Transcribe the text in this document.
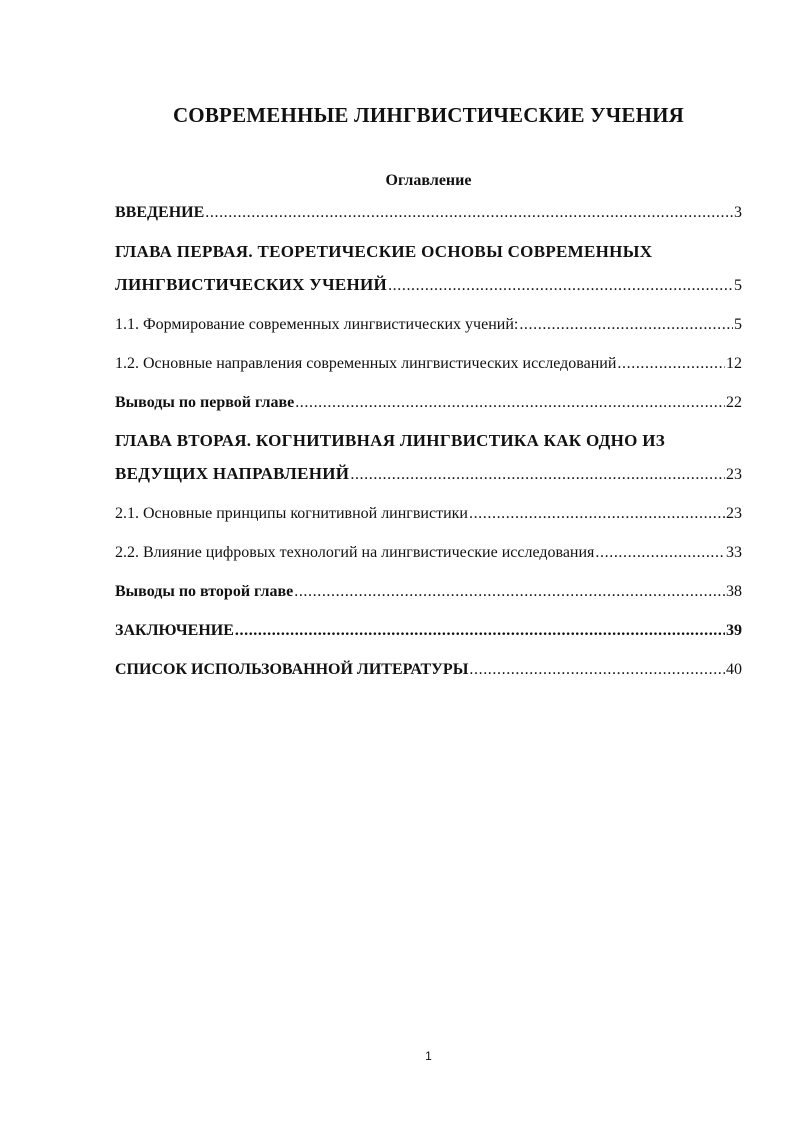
СОВРЕМЕННЫЕ ЛИНГВИСТИЧЕСКИЕ УЧЕНИЯ
Оглавление
ВВЕДЕНИЕ .....	3
ГЛАВА ПЕРВАЯ. ТЕОРЕТИЧЕСКИЕ ОСНОВЫ СОВРЕМЕННЫХ
ЛИНГВИСТИЧЕСКИХ УЧЕНИЙ .....	5
1.1. Формирование современных лингвистических учений: .....	5
1.2. Основные направления современных лингвистических исследований .....	12
Выводы по первой главе .....	22
ГЛАВА ВТОРАЯ. КОГНИТИВНАЯ ЛИНГВИСТИКА КАК ОДНО ИЗ
ВЕДУЩИХ НАПРАВЛЕНИЙ .....	23
2.1. Основные принципы когнитивной лингвистики .....	23
2.2. Влияние цифровых технологий на лингвистические исследования .....	33
Выводы по второй главе .....	38
ЗАКЛЮЧЕНИЕ .....	39
СПИСОК ИСПОЛЬЗОВАННОЙ ЛИТЕРАТУРЫ .....	40
1
